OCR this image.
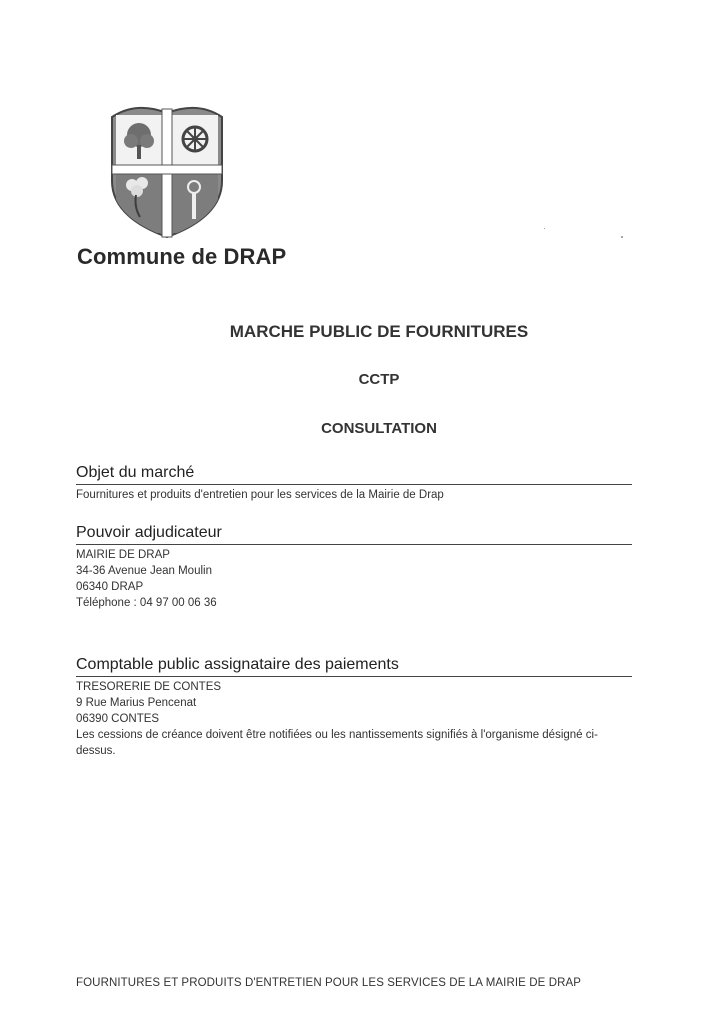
Commune de DRAP
MARCHE PUBLIC DE FOURNITURES
CCTP
CONSULTATION
Objet du marché
Fournitures et produits d'entretien pour les services de la Mairie de Drap
Pouvoir adjudicateur
MAIRIE DE DRAP
34-36 Avenue Jean Moulin
06340 DRAP
Téléphone : 04 97 00 06 36
Comptable public assignataire des paiements
TRESORERIE DE CONTES
9 Rue Marius Pencenat
06390 CONTES
Les cessions de créance doivent être notifiées ou les nantissements signifiés à l'organisme désigné ci-dessus.
FOURNITURES ET PRODUITS D'ENTRETIEN POUR LES SERVICES DE LA MAIRIE DE DRAP
